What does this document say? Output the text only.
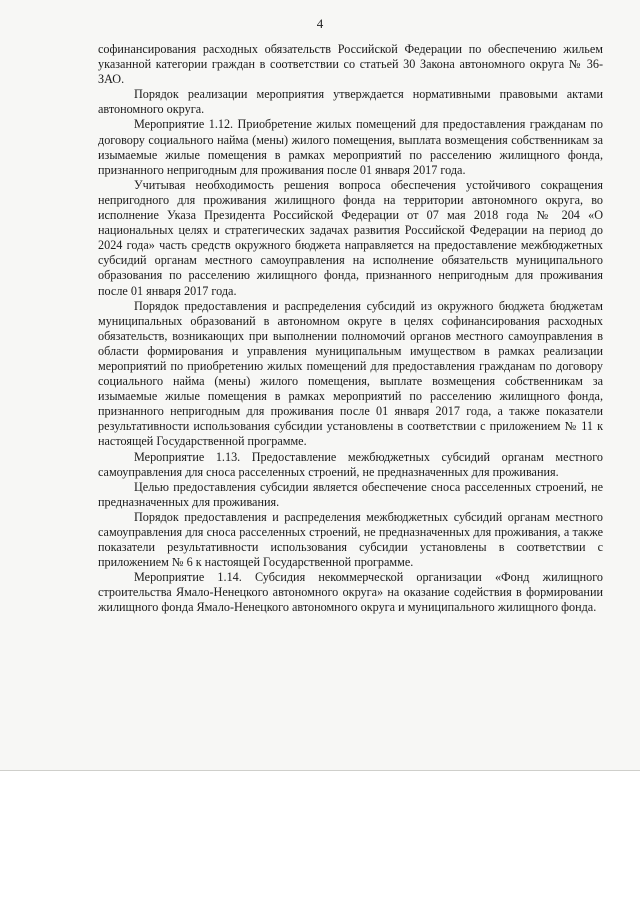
4

софинансирования расходных обязательств Российской Федерации по обеспечению жильем указанной категории граждан в соответствии со статьей 30 Закона автономного округа № 36-ЗАО.

Порядок реализации мероприятия утверждается нормативными правовыми актами автономного округа.

Мероприятие 1.12. Приобретение жилых помещений для предоставления гражданам по договору социального найма (мены) жилого помещения, выплата возмещения собственникам за изымаемые жилые помещения в рамках мероприятий по расселению жилищного фонда, признанного непригодным для проживания после 01 января 2017 года.

Учитывая необходимость решения вопроса обеспечения устойчивого сокращения непригодного для проживания жилищного фонда на территории автономного округа, во исполнение Указа Президента Российской Федерации от 07 мая 2018 года № 204 «О национальных целях и стратегических задачах развития Российской Федерации на период до 2024 года» часть средств окружного бюджета направляется на предоставление межбюджетных субсидий органам местного самоуправления на исполнение обязательств муниципального образования по расселению жилищного фонда, признанного непригодным для проживания после 01 января 2017 года.

Порядок предоставления и распределения субсидий из окружного бюджета бюджетам муниципальных образований в автономном округе в целях софинансирования расходных обязательств, возникающих при выполнении полномочий органов местного самоуправления в области формирования и управления муниципальным имуществом в рамках реализации мероприятий по приобретению жилых помещений для предоставления гражданам по договору социального найма (мены) жилого помещения, выплате возмещения собственникам за изымаемые жилые помещения в рамках мероприятий по расселению жилищного фонда, признанного непригодным для проживания после 01 января 2017 года, а также показатели результативности использования субсидии установлены в соответствии с приложением № 11 к настоящей Государственной программе.

Мероприятие 1.13. Предоставление межбюджетных субсидий органам местного самоуправления для сноса расселенных строений, не предназначенных для проживания.

Целью предоставления субсидии является обеспечение сноса расселенных строений, не предназначенных для проживания.

Порядок предоставления и распределения межбюджетных субсидий органам местного самоуправления для сноса расселенных строений, не предназначенных для проживания, а также показатели результативности использования субсидии установлены в соответствии с приложением № 6 к настоящей Государственной программе.

Мероприятие 1.14. Субсидия некоммерческой организации «Фонд жилищного строительства Ямало-Ненецкого автономного округа» на оказание содействия в формировании жилищного фонда Ямало-Ненецкого автономного округа и муниципального жилищного фонда.
